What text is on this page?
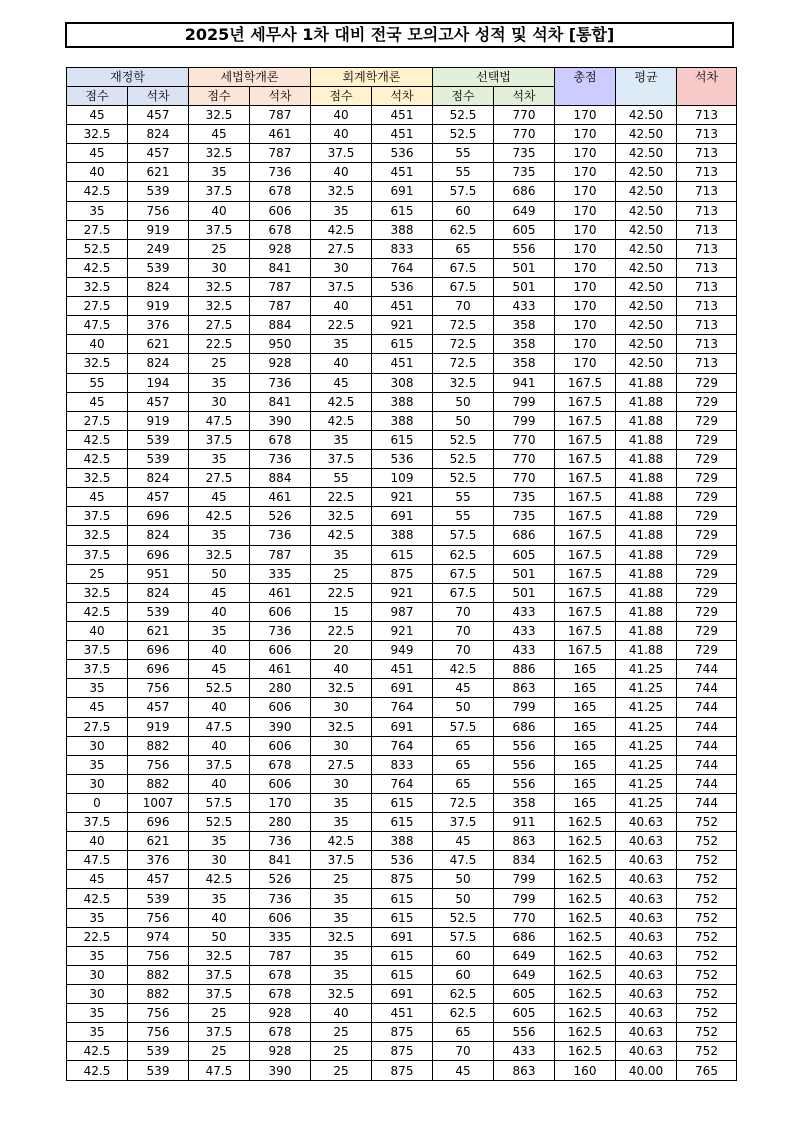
2025년 세무사 1차 대비 전국 모의고사 성적 및 석차 [통합]
재정학		세법학개론		회계학개론		선택법		총점	평균	석차
점수	석차	점수	석차	점수	석차	점수	석차			
45	457	32.5	787	40	451	52.5	770	170	42.50	713
32.5	824	45	461	40	451	52.5	770	170	42.50	713
45	457	32.5	787	37.5	536	55	735	170	42.50	713
40	621	35	736	40	451	55	735	170	42.50	713
42.5	539	37.5	678	32.5	691	57.5	686	170	42.50	713
35	756	40	606	35	615	60	649	170	42.50	713
27.5	919	37.5	678	42.5	388	62.5	605	170	42.50	713
52.5	249	25	928	27.5	833	65	556	170	42.50	713
42.5	539	30	841	30	764	67.5	501	170	42.50	713
32.5	824	32.5	787	37.5	536	67.5	501	170	42.50	713
27.5	919	32.5	787	40	451	70	433	170	42.50	713
47.5	376	27.5	884	22.5	921	72.5	358	170	42.50	713
40	621	22.5	950	35	615	72.5	358	170	42.50	713
32.5	824	25	928	40	451	72.5	358	170	42.50	713
55	194	35	736	45	308	32.5	941	167.5	41.88	729
45	457	30	841	42.5	388	50	799	167.5	41.88	729
27.5	919	47.5	390	42.5	388	50	799	167.5	41.88	729
42.5	539	37.5	678	35	615	52.5	770	167.5	41.88	729
42.5	539	35	736	37.5	536	52.5	770	167.5	41.88	729
32.5	824	27.5	884	55	109	52.5	770	167.5	41.88	729
45	457	45	461	22.5	921	55	735	167.5	41.88	729
37.5	696	42.5	526	32.5	691	55	735	167.5	41.88	729
32.5	824	35	736	42.5	388	57.5	686	167.5	41.88	729
37.5	696	32.5	787	35	615	62.5	605	167.5	41.88	729
25	951	50	335	25	875	67.5	501	167.5	41.88	729
32.5	824	45	461	22.5	921	67.5	501	167.5	41.88	729
42.5	539	40	606	15	987	70	433	167.5	41.88	729
40	621	35	736	22.5	921	70	433	167.5	41.88	729
37.5	696	40	606	20	949	70	433	167.5	41.88	729
37.5	696	45	461	40	451	42.5	886	165	41.25	744
35	756	52.5	280	32.5	691	45	863	165	41.25	744
45	457	40	606	30	764	50	799	165	41.25	744
27.5	919	47.5	390	32.5	691	57.5	686	165	41.25	744
30	882	40	606	30	764	65	556	165	41.25	744
35	756	37.5	678	27.5	833	65	556	165	41.25	744
30	882	40	606	30	764	65	556	165	41.25	744
0	1007	57.5	170	35	615	72.5	358	165	41.25	744
37.5	696	52.5	280	35	615	37.5	911	162.5	40.63	752
40	621	35	736	42.5	388	45	863	162.5	40.63	752
47.5	376	30	841	37.5	536	47.5	834	162.5	40.63	752
45	457	42.5	526	25	875	50	799	162.5	40.63	752
42.5	539	35	736	35	615	50	799	162.5	40.63	752
35	756	40	606	35	615	52.5	770	162.5	40.63	752
22.5	974	50	335	32.5	691	57.5	686	162.5	40.63	752
35	756	32.5	787	35	615	60	649	162.5	40.63	752
30	882	37.5	678	35	615	60	649	162.5	40.63	752
30	882	37.5	678	32.5	691	62.5	605	162.5	40.63	752
35	756	25	928	40	451	62.5	605	162.5	40.63	752
35	756	37.5	678	25	875	65	556	162.5	40.63	752
42.5	539	25	928	25	875	70	433	162.5	40.63	752
42.5	539	47.5	390	25	875	45	863	160	40.00	765
